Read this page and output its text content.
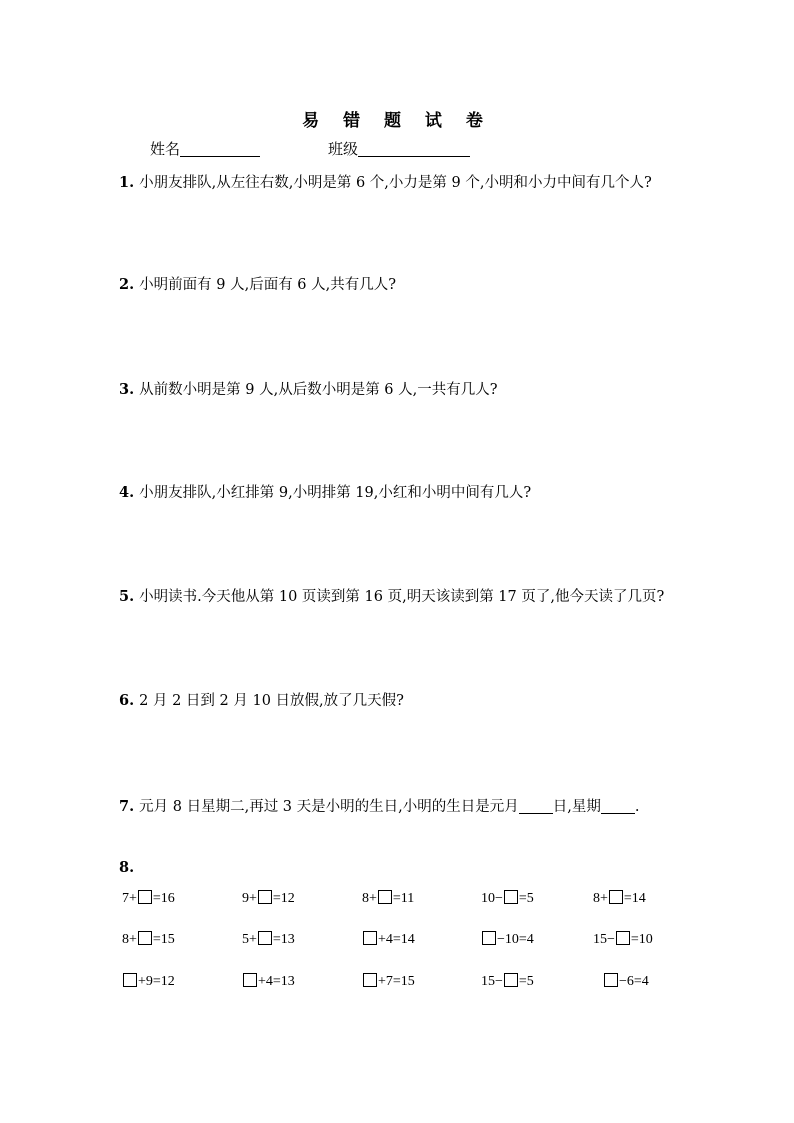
易 错 题 试 卷
姓名	班级
1. 小朋友排队,从左往右数,小明是第 6 个,小力是第 9 个,小明和小力中间有几个人?
2. 小明前面有 9 人,后面有 6 人,共有几人?
3. 从前数小明是第 9 人,从后数小明是第 6 人,一共有几人?
4. 小朋友排队,小红排第 9,小明排第 19,小红和小明中间有几人?
5. 小明读书.今天他从第 10 页读到第 16 页,明天该读到第 17 页了,他今天读了几页?
6. 2 月 2 日到 2 月 10 日放假,放了几天假?
7. 元月 8 日星期二,再过 3 天是小明的生日,小明的生日是元月 日,星期 .
8.
7+ =16	9+ =12	8+ =11	10− =5	8+ =14
8+ =15	5+ =13	+4=14	−10=4	15− =10
+9=12	+4=13	+7=15	15− =5	−6=4
